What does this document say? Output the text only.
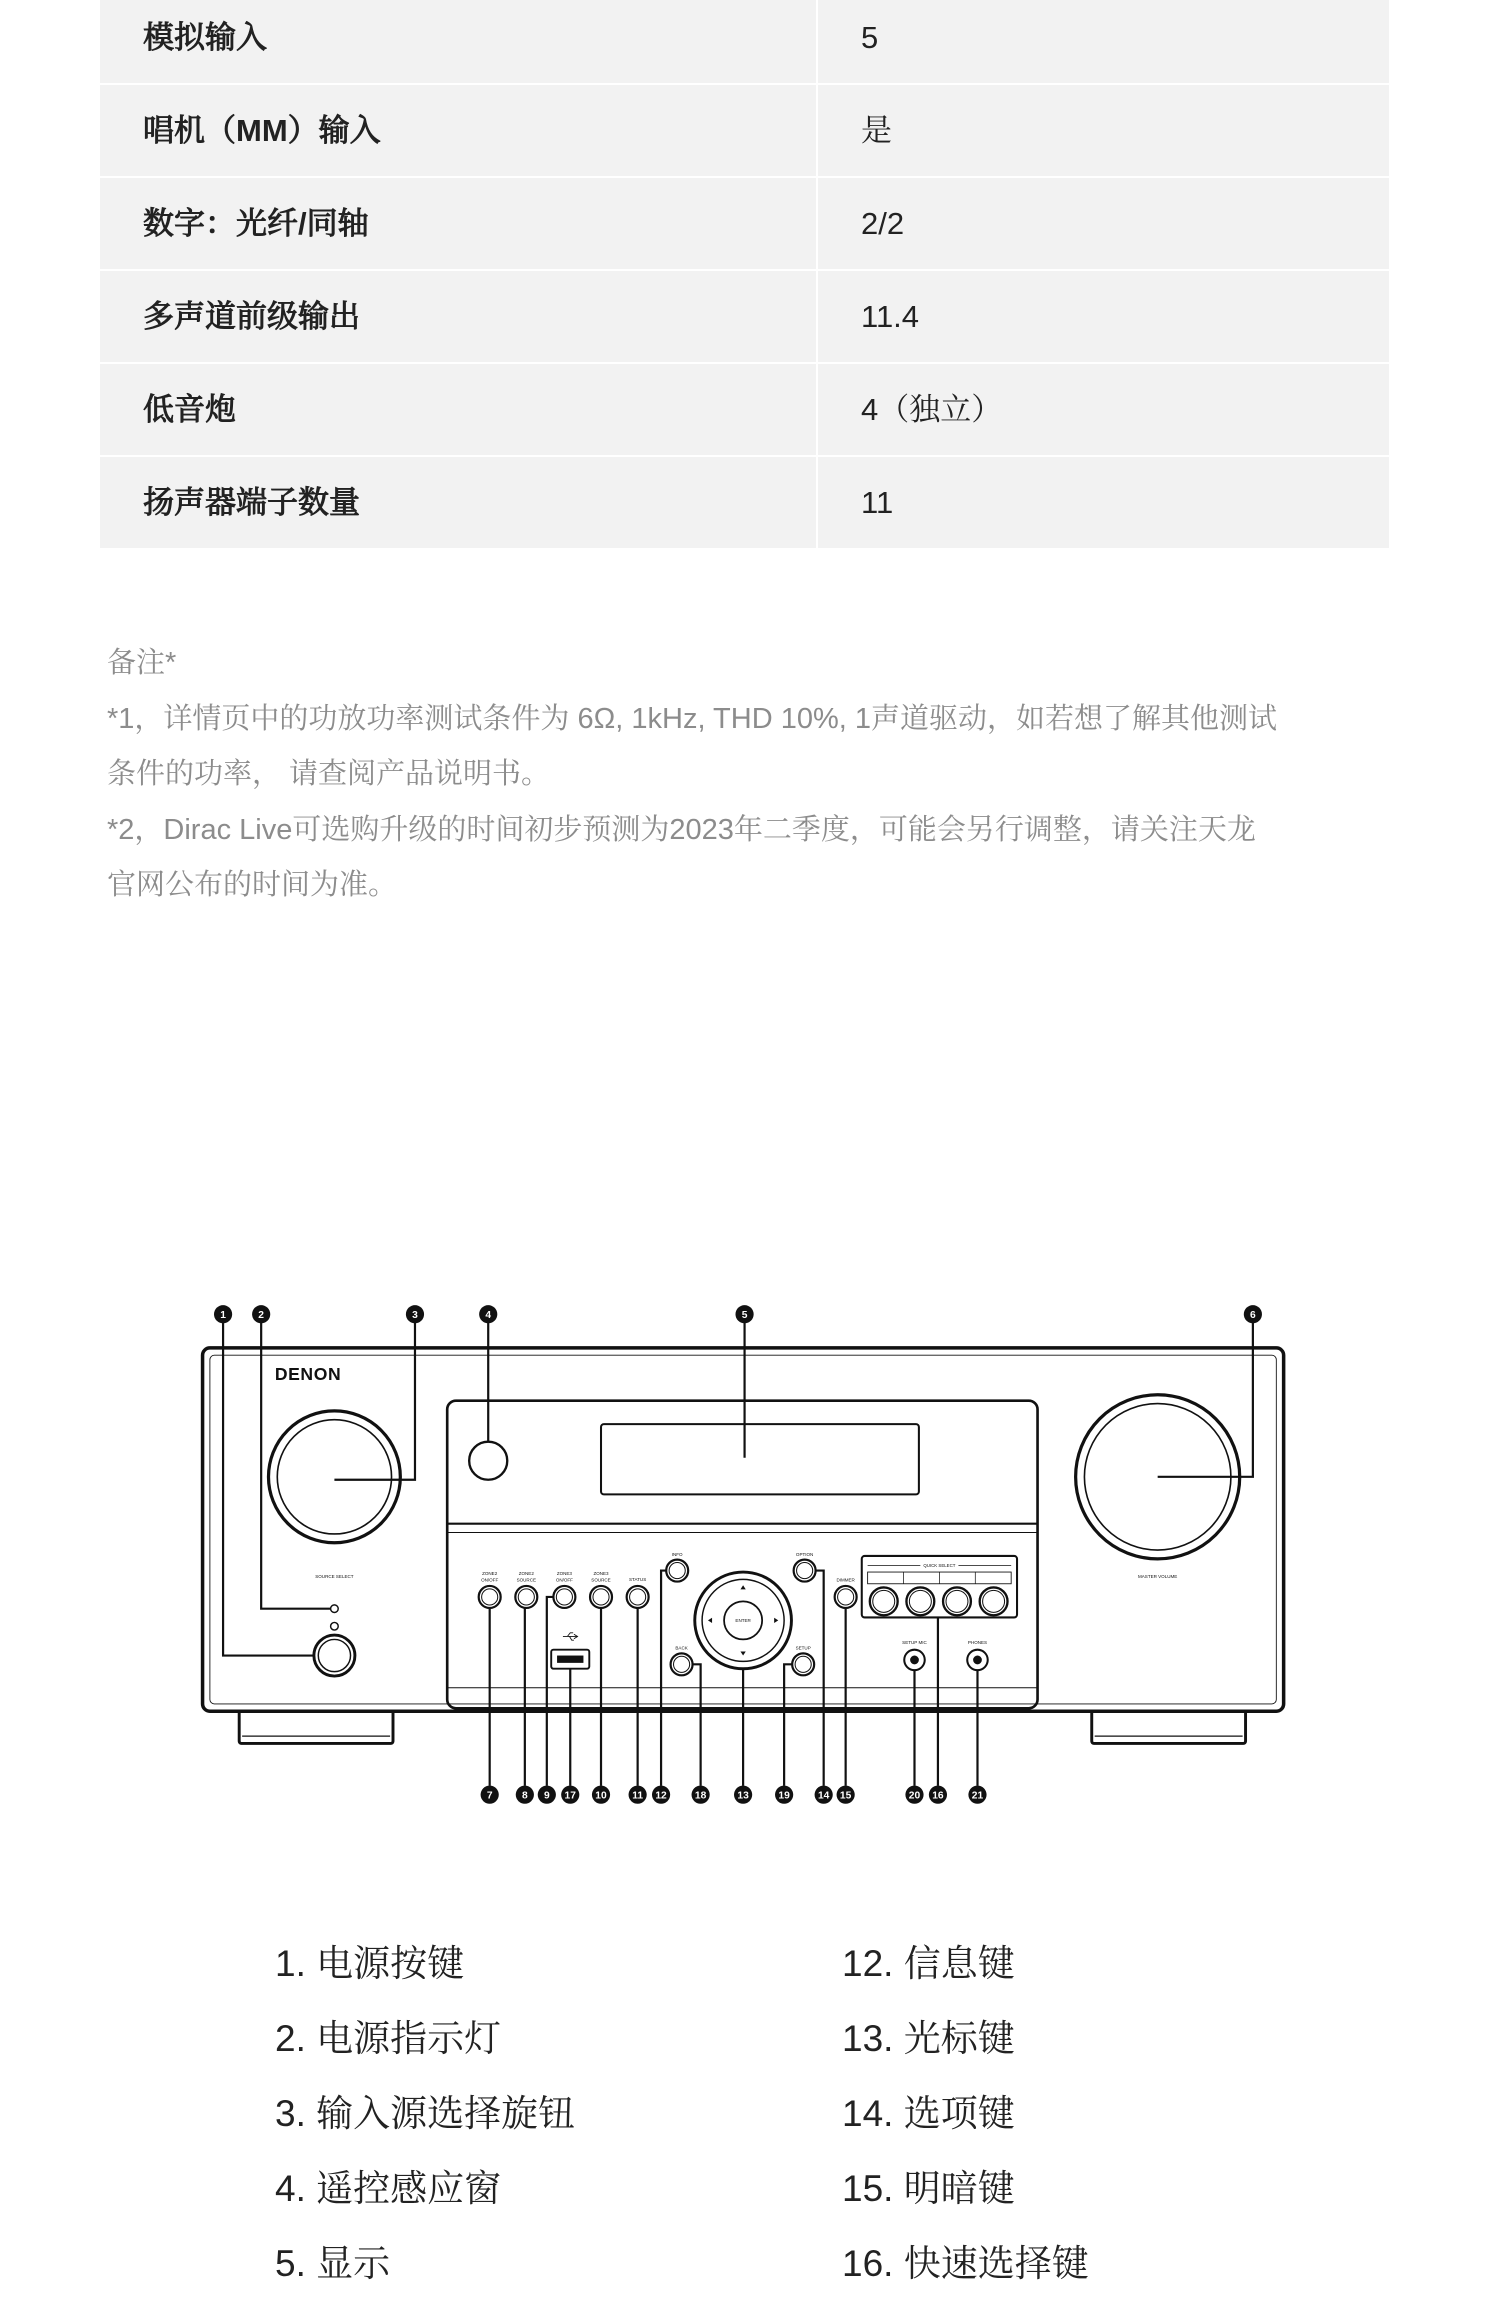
模拟输入	5
唱机（MM）输入	是
数字：光纤/同轴	2/2
多声道前级输出	11.4
低音炮	4（独立）
扬声器端子数量	11
备注*
*1，详情页中的功放功率测试条件为 6Ω, 1kHz, THD 10%, 1声道驱动，如若想了解其他测试
条件的功率， 请查阅产品说明书。
*2，Dirac Live可选购升级的时间初步预测为2023年二季度，可能会另行调整，请关注天龙
官网公布的时间为准。
DENON
SOURCE SELECT	MASTER VOLUME
ZONE2
ON/OFF
ZONE2
SOURCE
ZONE3
ON/OFF
ZONE3
SOURCE	STATUS
INFO	OPTION
DIMMER
ENTER
BACK	SETUP
QUICK SELECT
SETUP MIC	PHONES
1	2	3	4	5	6
7	8 9 17	10	11 12	18	13	19	14 15	20 16	21
1. 电源按键
2. 电源指示灯
3. 输入源选择旋钮
4. 遥控感应窗
5. 显示
12. 信息键
13. 光标键
14. 选项键
15. 明暗键
16. 快速选择键
